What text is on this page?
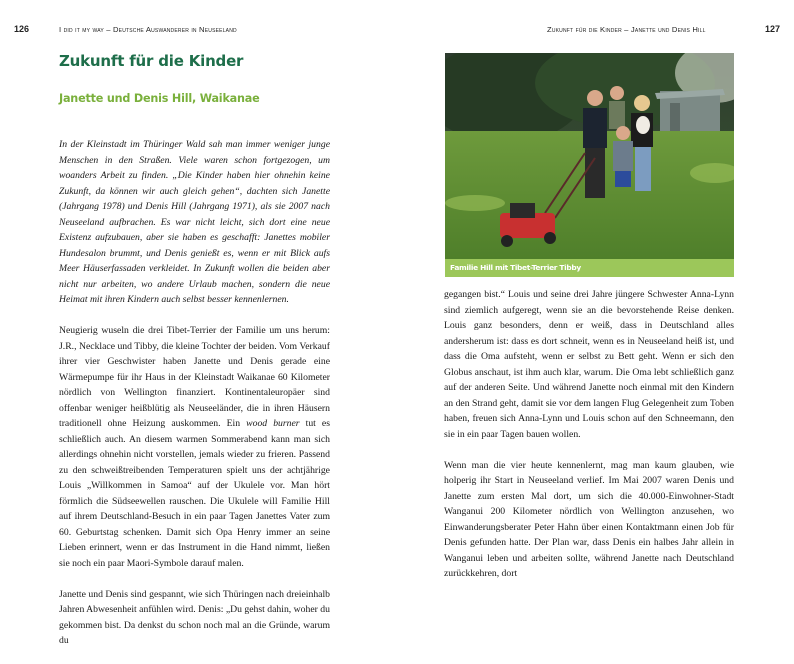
126	I did it my way – Deutsche Auswanderer in Neuseeland
Zukunft für die Kinder
Janette und Denis Hill, Waikanae

In der Kleinstadt im Thüringer Wald sah man immer weniger junge Menschen in den Straßen. Viele waren schon fortgezogen, um woanders Arbeit zu finden. „Die Kinder haben hier ohnehin keine Zukunft, da können wir auch gleich gehen“, dachten sich Janette (Jahrgang 1978) und Denis Hill (Jahrgang 1971), als sie 2007 nach Neuseeland aufbrachen. Es war nicht leicht, sich dort eine neue Existenz aufzubauen, aber sie haben es geschafft: Janettes mobiler Hundesalon brummt, und Denis genießt es, wenn er mit Blick aufs Meer Häuserfassaden verkleidet. In Zukunft wollen die beiden aber nicht nur arbeiten, wo andere Urlaub machen, sondern die neue Heimat mit ihren Kindern auch selbst besser kennenlernen.

Neugierig wuseln die drei Tibet-Terrier der Familie um uns herum: J.R., Necklace und Tibby, die kleine Tochter der beiden. Vom Verkauf ihrer vier Geschwister haben Janette und Denis gerade eine Wärmepumpe für ihr Haus in der Kleinstadt Waikanae 60 Kilometer nördlich von Wellington finanziert. Kontinentaleuropäer sind offenbar weniger heißblütig als Neuseeländer, die in ihren Häusern traditionell ohne Heizung auskommen. Ein wood burner tut es schließlich auch. An diesem warmen Sommerabend kann man sich allerdings ohnehin nicht vorstellen, jemals wieder zu frieren. Passend zu den schweißtreibenden Temperaturen spielt uns der achtjährige Louis „Willkommen in Samoa“ auf der Ukulele vor. Man hört förmlich die Südseewellen rauschen. Die Ukulele will Familie Hill auf ihrem Deutschland-Besuch in ein paar Tagen Janettes Vater zum 60. Geburtstag schenken. Damit sich Opa Henry immer an seine Lieben erinnert, wenn er das Instrument in die Hand nimmt, ließen sie noch ein paar Maori-Symbole darauf malen.

Janette und Denis sind gespannt, wie sich Thüringen nach dreieinhalb Jahren Abwesenheit anfühlen wird. Denis: „Du gehst dahin, woher du gekommen bist. Da denkst du schon noch mal an die Gründe, warum du

Zukunft für die Kinder – Janette und Denis Hill	127
Familie Hill mit Tibet-Terrier Tibby

gegangen bist.“ Louis und seine drei Jahre jüngere Schwester Anna-Lynn sind ziemlich aufgeregt, wenn sie an die bevorstehende Reise denken. Louis ganz besonders, denn er weiß, dass in Deutschland alles andersherum ist: dass es dort schneit, wenn es in Neuseeland heiß ist, und dass die Oma aufsteht, wenn er selbst zu Bett geht. Wenn er sich den Globus anschaut, ist ihm auch klar, warum. Die Oma lebt schließlich ganz auf der anderen Seite. Und während Janette noch einmal mit den Kindern an den Strand geht, damit sie vor dem langen Flug Gelegenheit zum Toben haben, freuen sich Anna-Lynn und Louis schon auf den Schneemann, den sie in ein paar Tagen bauen wollen.

Wenn man die vier heute kennenlernt, mag man kaum glauben, wie holperig ihr Start in Neuseeland verlief. Im Mai 2007 waren Denis und Janette zum ersten Mal dort, um sich die 40.000-Einwohner-Stadt Wanganui 200 Kilometer nördlich von Wellington anzusehen, wo Einwanderungsberater Peter Hahn über einen Kontaktmann einen Job für Denis gefunden hatte. Der Plan war, dass Denis ein halbes Jahr allein in Wanganui leben und arbeiten sollte, während Janette nach Deutschland zurückkehren, dort
